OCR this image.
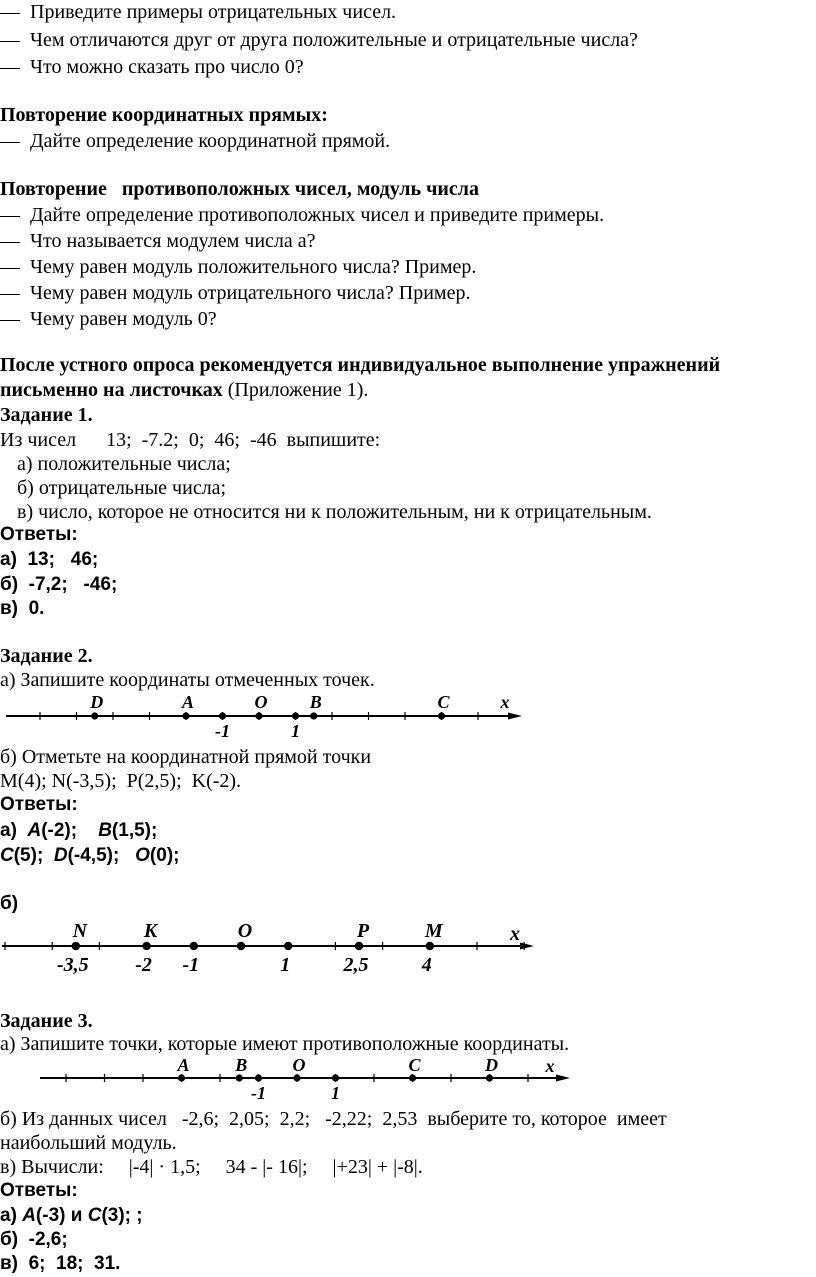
—  Приведите примеры отрицательных чисел.
—  Чем отличаются друг от друга положительные и отрицательные числа?
—  Что можно сказать про число 0?
Повторение координатных прямых:
—  Дайте определение координатной прямой.
Повторение   противоположных чисел, модуль числа
—  Дайте определение противоположных чисел и приведите примеры.
—  Что называется модулем числа а?
—  Чему равен модуль положительного числа? Пример.
—  Чему равен модуль отрицательного числа? Пример.
—  Чему равен модуль 0?
После устного опроса рекомендуется индивидуальное выполнение упражнений
письменно на листочках (Приложение 1).
Задание 1.
Из чисел      13;  -7.2;  0;  46;  -46  выпишите:
а) положительные числа;
б) отрицательные числа;
в) число, которое не относится ни к положительным, ни к отрицательным.
Ответы:
а)  13;   46;
б)  -7,2;   -46;
в)  0.
Задание 2.
а) Запишите координаты отмеченных точек.
x
D	A	O B	C
-1	1
б) Отметьте на координатной прямой точки
M(4); N(-3,5);  P(2,5);  K(-2).
Ответы:
а)  A(-2);    B(1,5);
C(5);  D(-4,5);   O(0);
б)
x
N
-3,5
K
-2 -1
O
1
P
2,5
M
4
Задание 3.
а) Запишите точки, которые имеют противоположные координаты.
x
A	B	O	C	D
-1	1
б) Из данных чисел   -2,6;  2,05;  2,2;   -2,22;  2,53  выберите то, которое  имеет
наибольший модуль.
в) Вычисли:     |-4| · 1,5;     34 - |- 16|;     |+23| + |-8|.
Ответы:
а) A(-3) и C(3); ;
б)  -2,6;
в)  6;  18;  31.
